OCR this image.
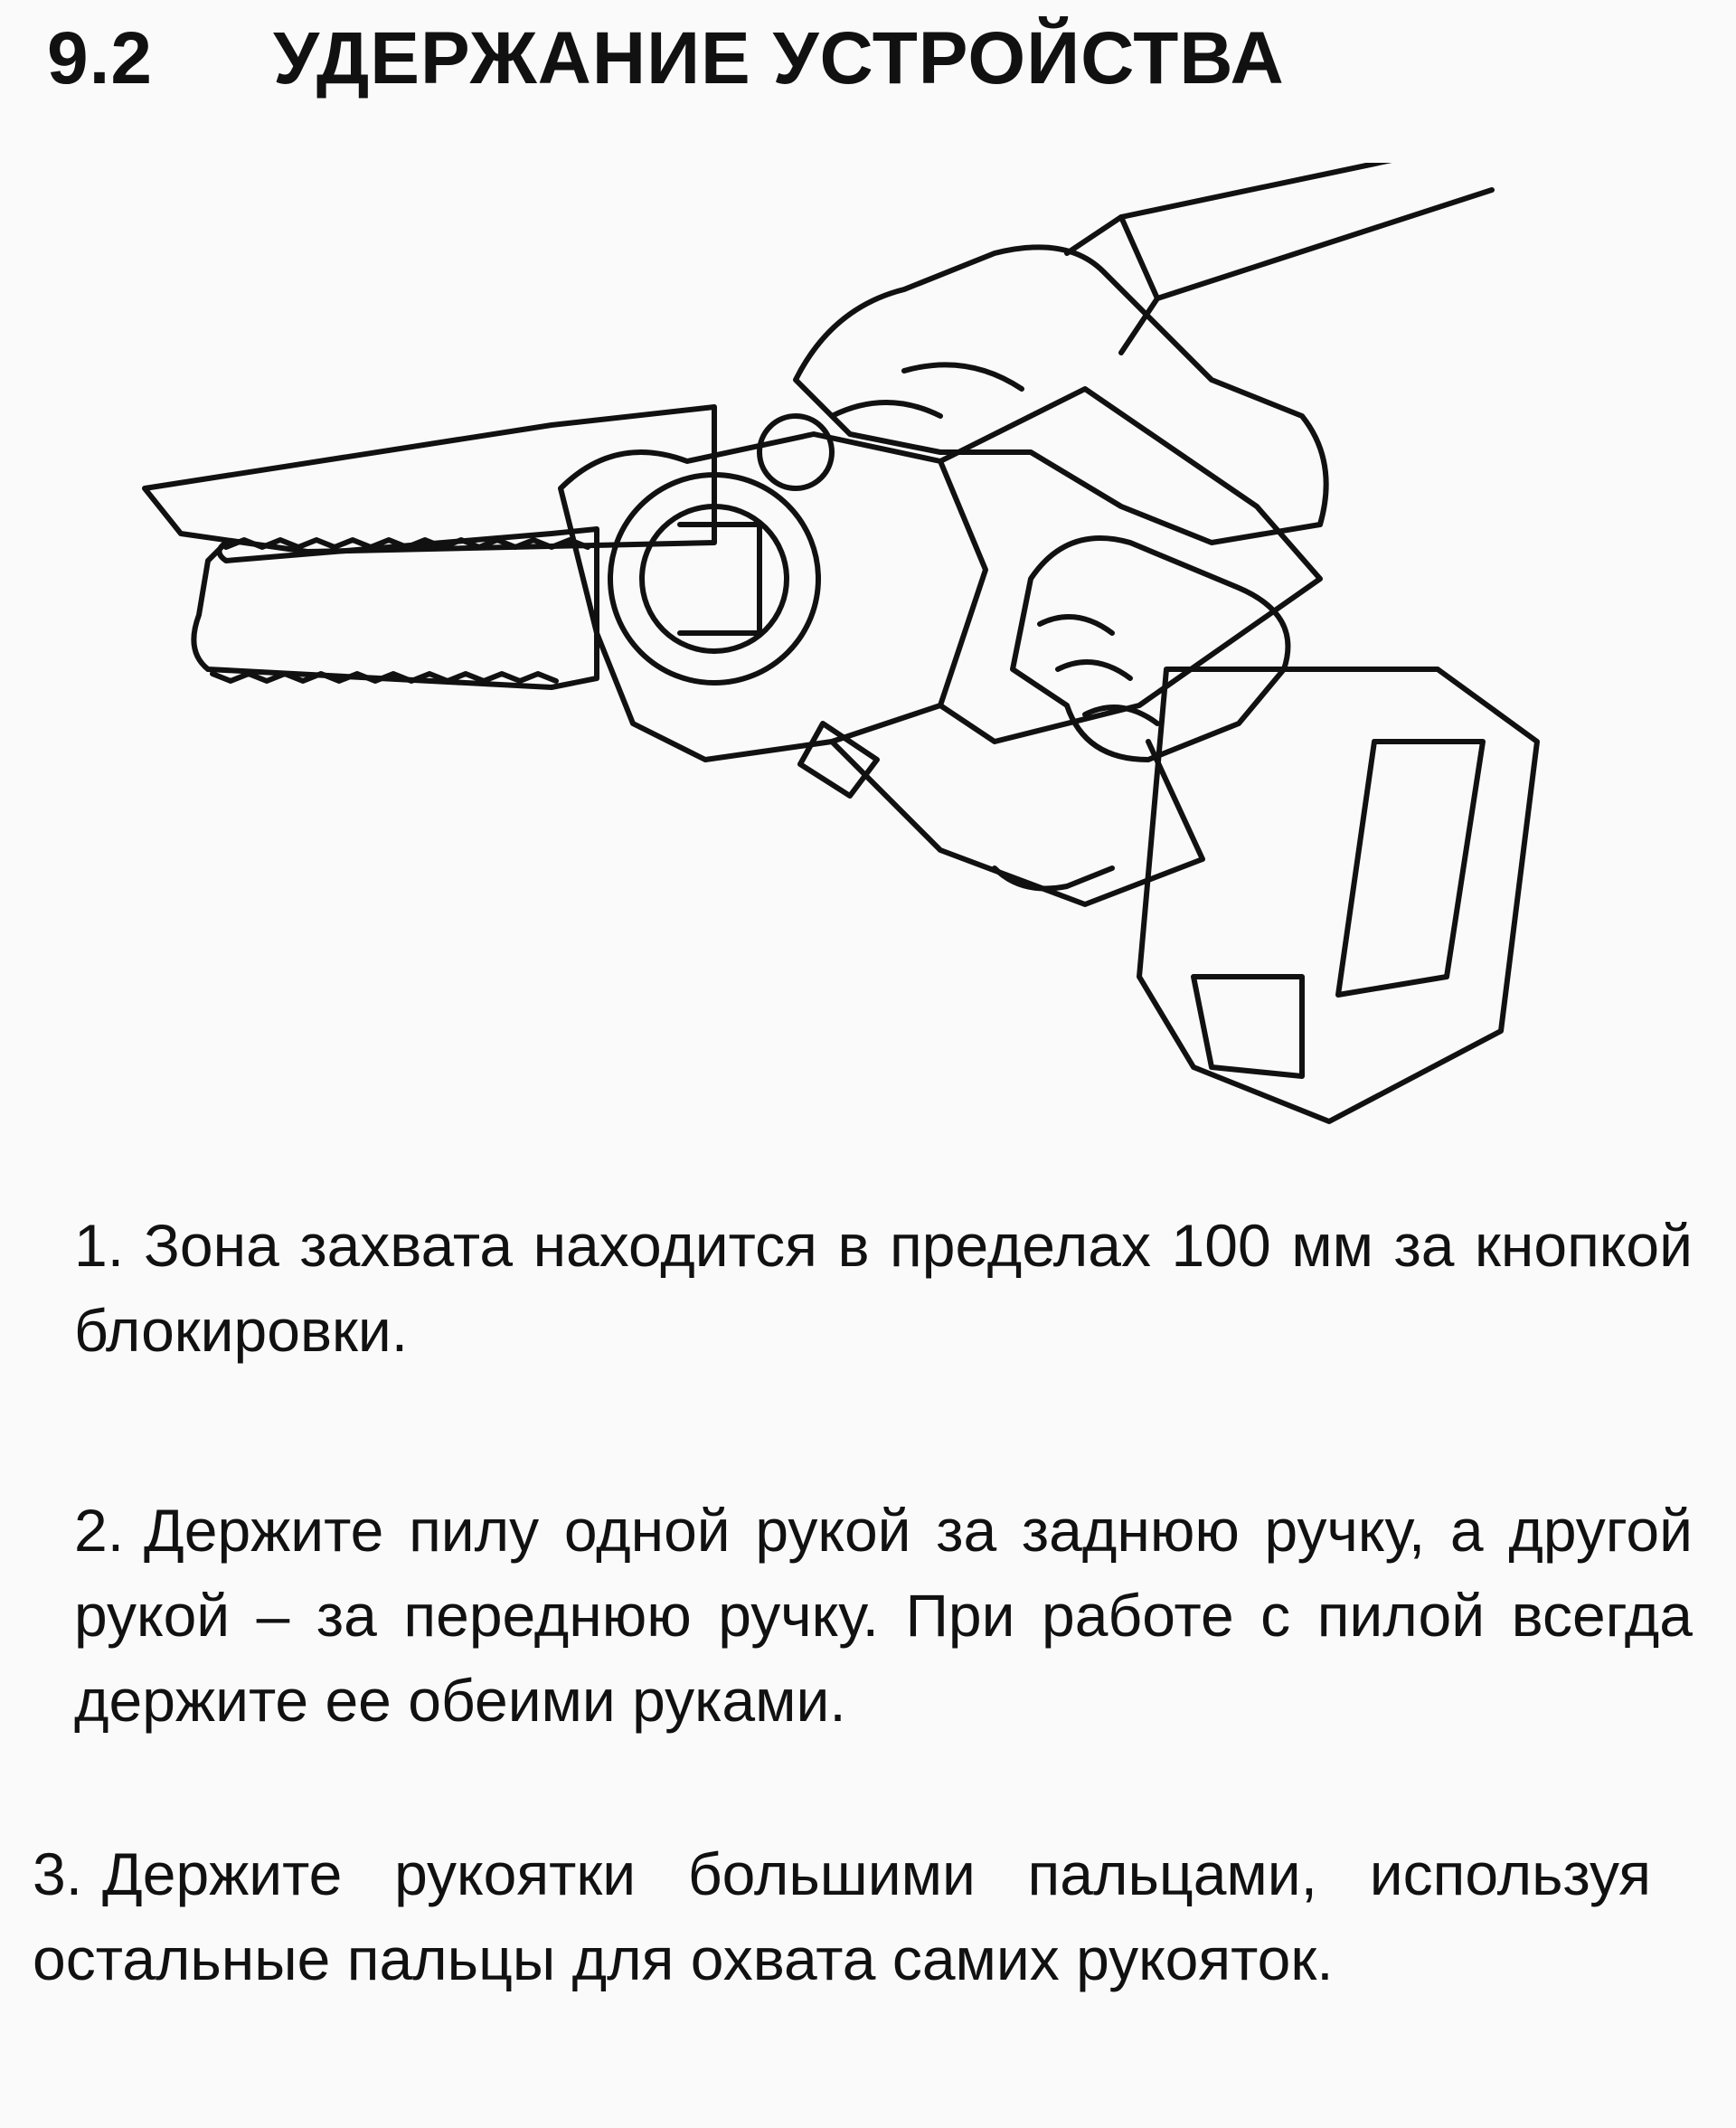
9.2 УДЕРЖАНИЕ УСТРОЙСТВА

1. Зона захвата находится в пределах 100 мм за кнопкой блокировки.

2. Держите пилу одной рукой за заднюю ручку, а другой рукой – за переднюю ручку. При работе с пилой всегда держите ее обеими руками.

3. Держите рукоятки большими пальцами, используя остальные пальцы для охвата самих рукояток.
